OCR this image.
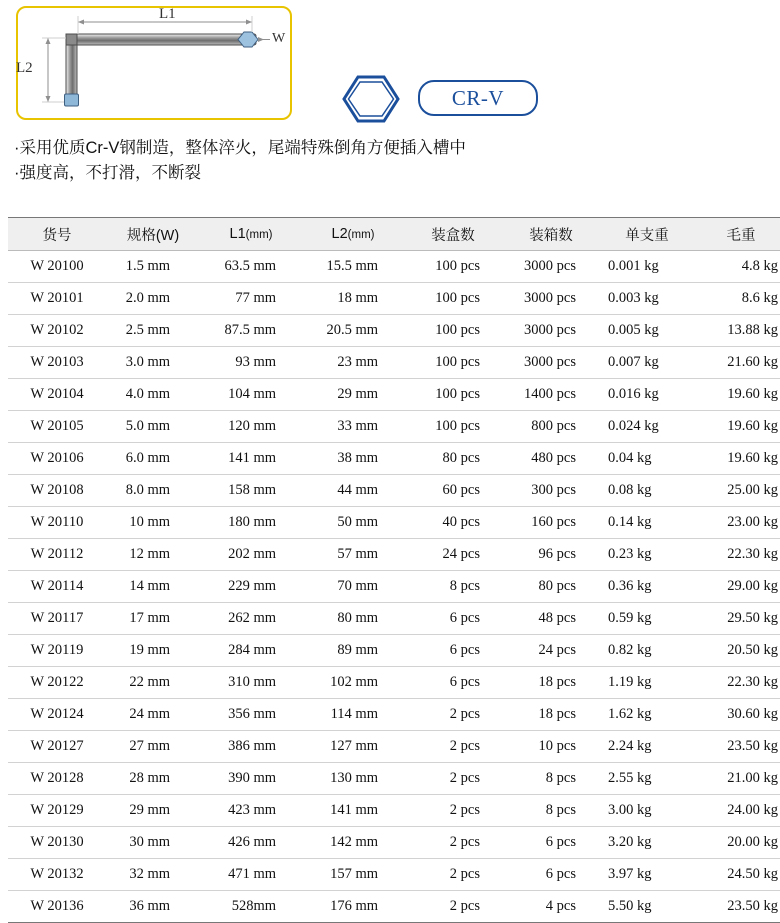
L1
L2
W
CR-V
·采用优质Cr-V钢制造，整体淬火，尾端特殊倒角方便插入槽中
·强度高，不打滑，不断裂
货号	规格(W)	L1(mm)	L2(mm)	装盒数	装箱数	单支重	毛重
W 20100	1.5 mm	63.5 mm	15.5 mm	100 pcs	3000 pcs	0.001 kg	4.8 kg
W 20101	2.0 mm	77 mm	18 mm	100 pcs	3000 pcs	0.003 kg	8.6 kg
W 20102	2.5 mm	87.5 mm	20.5 mm	100 pcs	3000 pcs	0.005 kg	13.88 kg
W 20103	3.0 mm	93 mm	23 mm	100 pcs	3000 pcs	0.007 kg	21.60 kg
W 20104	4.0 mm	104 mm	29 mm	100 pcs	1400 pcs	0.016 kg	19.60 kg
W 20105	5.0 mm	120 mm	33 mm	100 pcs	800 pcs	0.024 kg	19.60 kg
W 20106	6.0 mm	141 mm	38 mm	80 pcs	480 pcs	0.04 kg	19.60 kg
W 20108	8.0 mm	158 mm	44 mm	60 pcs	300 pcs	0.08 kg	25.00 kg
W 20110	10 mm	180 mm	50 mm	40 pcs	160 pcs	0.14 kg	23.00 kg
W 20112	12 mm	202 mm	57 mm	24 pcs	96 pcs	0.23 kg	22.30 kg
W 20114	14 mm	229 mm	70 mm	8 pcs	80 pcs	0.36 kg	29.00 kg
W 20117	17 mm	262 mm	80 mm	6 pcs	48 pcs	0.59 kg	29.50 kg
W 20119	19 mm	284 mm	89 mm	6 pcs	24 pcs	0.82 kg	20.50 kg
W 20122	22 mm	310 mm	102 mm	6 pcs	18 pcs	1.19 kg	22.30 kg
W 20124	24 mm	356 mm	114 mm	2 pcs	18 pcs	1.62 kg	30.60 kg
W 20127	27 mm	386 mm	127 mm	2 pcs	10 pcs	2.24 kg	23.50 kg
W 20128	28 mm	390 mm	130 mm	2 pcs	8 pcs	2.55 kg	21.00 kg
W 20129	29 mm	423 mm	141 mm	2 pcs	8 pcs	3.00 kg	24.00 kg
W 20130	30 mm	426 mm	142 mm	2 pcs	6 pcs	3.20 kg	20.00 kg
W 20132	32 mm	471 mm	157 mm	2 pcs	6 pcs	3.97 kg	24.50 kg
W 20136	36 mm	528mm	176 mm	2 pcs	4 pcs	5.50 kg	23.50 kg
